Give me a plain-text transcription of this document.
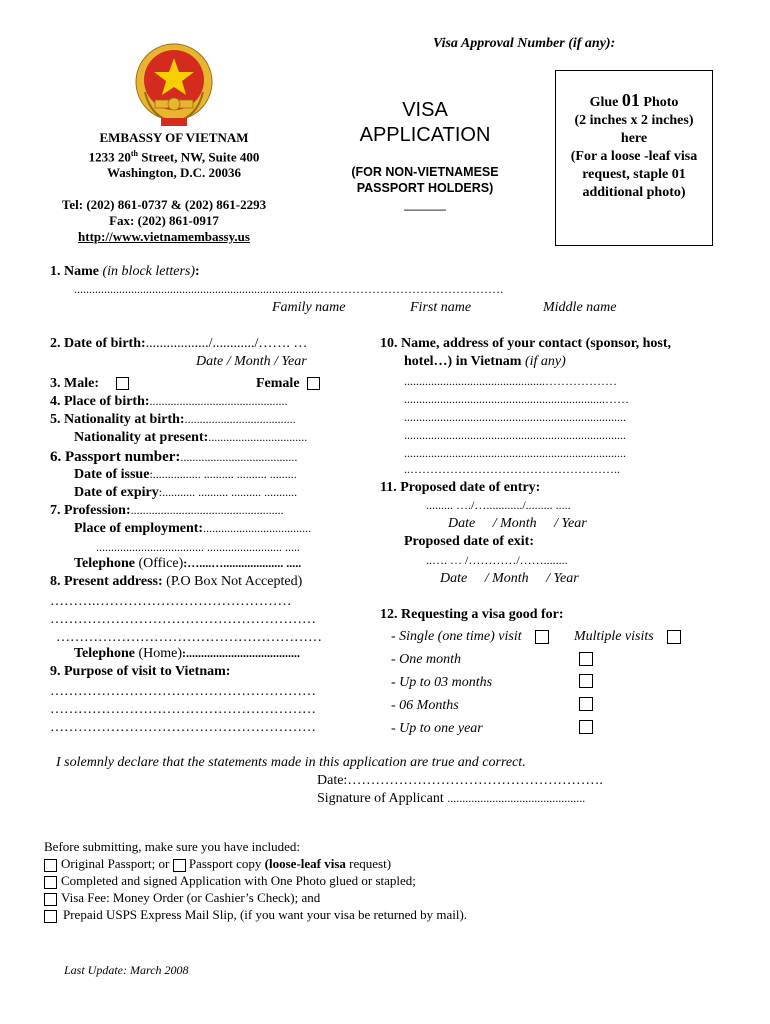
Visa Approval Number (if any):
EMBASSY OF VIETNAM
1233 20th Street, NW, Suite 400
Washington, D.C. 20036
Tel: (202) 861-0737 & (202) 861-2293
Fax: (202) 861-0917
http://www.vietnamembassy.us
VISA
APPLICATION
(FOR NON-VIETNAMESE
PASSPORT HOLDERS)
______
Glue 01 Photo
(2 inches x 2 inches)
here
(For a loose -leaf visa
request, staple 01
additional photo)
1. Name (in block letters):
..................................................................................……………………………………….
Family name	First name	Middle name
2. Date of birth:................../............/……. …
Date / Month / Year
3. Male:	Female
4. Place of birth:..............................................
5. Nationality at birth:.....................................
Nationality at present:.................................
6. Passport number:.......................................
Date of issue:................ .......... .......... .........
Date of expiry:........... .......... .......... ...........
7. Profession:...................................................
Place of employment:....................................
.................................... ......................... .....
Telephone (Office):…....….................... .....
8. Present address: (P.O Box Not Accepted)
……….……………………………………
…………………………………………………
…………………………………………………
Telephone (Home):......................................
9. Purpose of visit to Vietnam:
…………………………………………………
…………………………………………………
…………………………………………………
10. Name, address of your contact (sponsor, host,
hotel…) in Vietnam (if any)
...............................................………………
...................................................................……
..........................................................................
..........................................................................
..........................................................................
..……………………………………………..
11. Proposed date of entry:
......... …./…............/......... .....
Date     / Month     / Year
Proposed date of exit:
..…. … /…………/……........
Date     / Month     / Year
12. Requesting a visa good for:
- Single (one time) visit	Multiple visits
- One month
- Up to 03 months
- 06 Months
- Up to one year
I solemnly declare that the statements made in this application are true and correct.
Date:……………………………………………….
Signature of Applicant ..............................................
Before submitting, make sure you have included:
Original Passport; or  Passport copy (loose-leaf visa request)
Completed and signed Application with One Photo glued or stapled;
Visa Fee: Money Order (or Cashier’s Check); and
Prepaid USPS Express Mail Slip, (if you want your visa be returned by mail).
Last Update: March 2008
